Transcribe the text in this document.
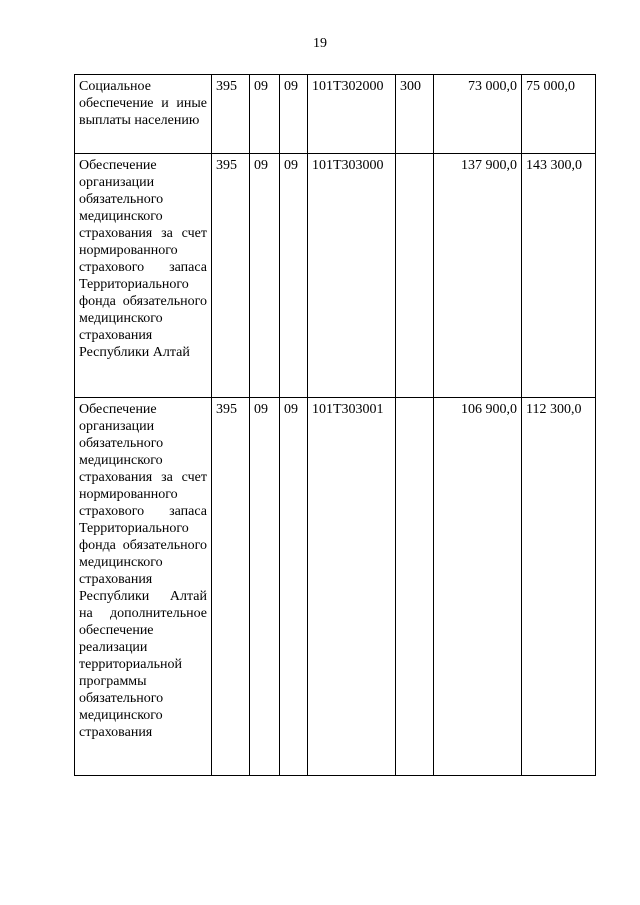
19
Социальное обеспечение и иные выплаты населению	395	09	09	101Т302000	300	73 000,0	75 000,0
Обеспечение организации обязательного медицинского страхования за счет нормированного страхового запаса Территориального фонда обязательного медицинского страхования Республики Алтай	395	09	09	101Т303000		137 900,0	143 300,0
Обеспечение организации обязательного медицинского страхования за счет нормированного страхового запаса Территориального фонда обязательного медицинского страхования Республики Алтай на дополнительное обеспечение реализации территориальной программы обязательного медицинского страхования	395	09	09	101Т303001		106 900,0	112 300,0
